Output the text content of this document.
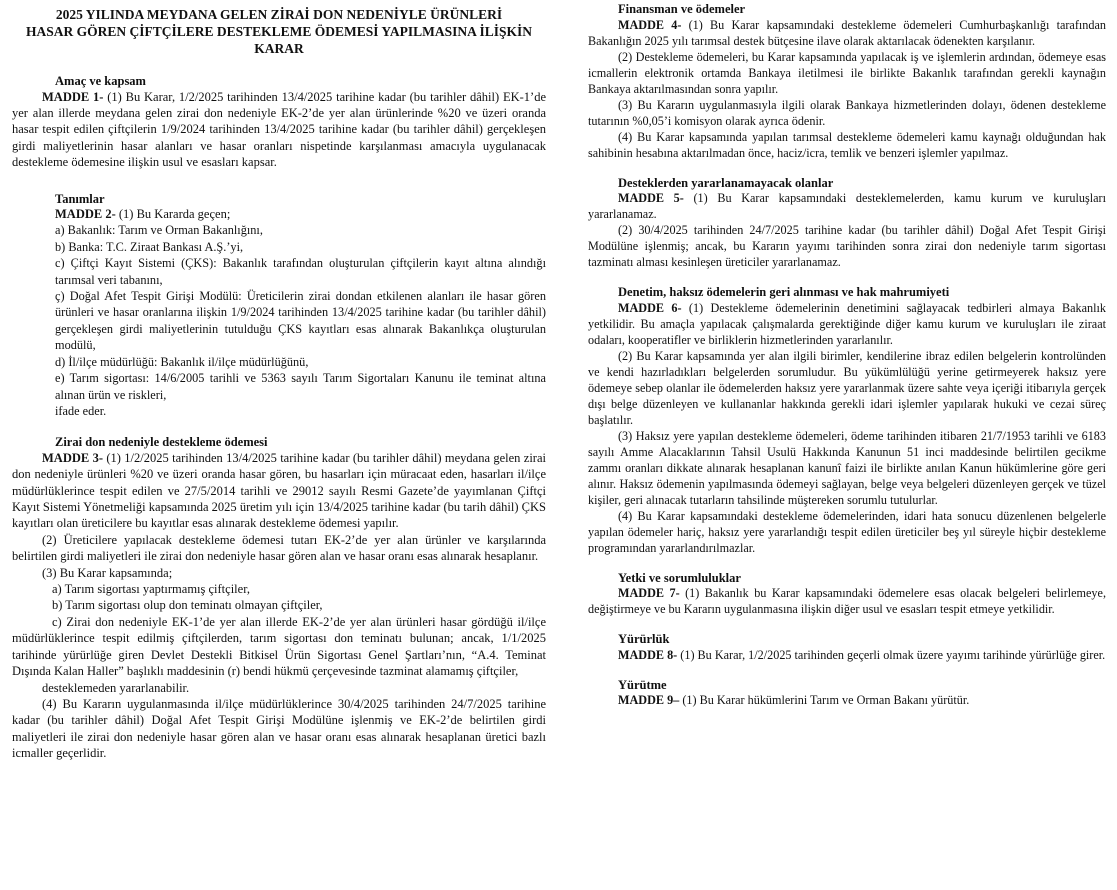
2025 YILINDA MEYDANA GELEN ZİRAİ DON NEDENİYLE ÜRÜNLERİ
HASAR GÖREN ÇİFTÇİLERE DESTEKLEME ÖDEMESİ YAPILMASINA İLİŞKİN
KARAR
Amaç ve kapsam

MADDE 1- (1) Bu Karar, 1/2/2025 tarihinden 13/4/2025 tarihine kadar (bu tarihler dâhil) EK-1’de yer alan illerde meydana gelen zirai don nedeniyle EK-2’de yer alan ürünlerinde %20 ve üzeri oranda hasar tespit edilen çiftçilerin 1/9/2024 tarihinden 13/4/2025 tarihine kadar (bu tarihler dâhil) gerçekleşen girdi maliyetlerinin hasar alanları ve hasar oranları nispetinde karşılanması amacıyla uygulanacak destekleme ödemesine ilişkin usul ve esasları kapsar.

Tanımlar

MADDE 2- (1) Bu Kararda geçen;

a) Bakanlık: Tarım ve Orman Bakanlığını,

b) Banka: T.C. Ziraat Bankası A.Ş.’yi,

c) Çiftçi Kayıt Sistemi (ÇKS): Bakanlık tarafından oluşturulan çiftçilerin kayıt altına alındığı tarımsal veri tabanını,

ç) Doğal Afet Tespit Girişi Modülü: Üreticilerin zirai dondan etkilenen alanları ile hasar gören ürünleri ve hasar oranlarına ilişkin 1/9/2024 tarihinden 13/4/2025 tarihine kadar (bu tarihler dâhil) gerçekleşen girdi maliyetlerinin tutulduğu ÇKS kayıtları esas alınarak Bakanlıkça oluşturulan modülü,

d) İl/ilçe müdürlüğü: Bakanlık il/ilçe müdürlüğünü,

e) Tarım sigortası: 14/6/2005 tarihli ve 5363 sayılı Tarım Sigortaları Kanunu ile teminat altına alınan ürün ve riskleri,

ifade eder.

Zirai don nedeniyle destekleme ödemesi

MADDE 3- (1) 1/2/2025 tarihinden 13/4/2025 tarihine kadar (bu tarihler dâhil) meydana gelen zirai don nedeniyle ürünleri %20 ve üzeri oranda hasar gören, bu hasarları için müracaat eden, hasarları il/ilçe müdürlüklerince tespit edilen ve 27/5/2014 tarihli ve 29012 sayılı Resmi Gazete’de yayımlanan Çiftçi Kayıt Sistemi Yönetmeliği kapsamında 2025 üretim yılı için 13/4/2025 tarihine kadar (bu tarih dâhil) ÇKS kayıtları olan üreticilere bu kayıtlar esas alınarak destekleme ödemesi yapılır.

(2) Üreticilere yapılacak destekleme ödemesi tutarı EK-2’de yer alan ürünler ve karşılarında belirtilen girdi maliyetleri ile zirai don nedeniyle hasar gören alan ve hasar oranı esas alınarak hesaplanır.

(3) Bu Karar kapsamında;

a) Tarım sigortası yaptırmamış çiftçiler,

b) Tarım sigortası olup don teminatı olmayan çiftçiler,

c) Zirai don nedeniyle EK-1’de yer alan illerde EK-2’de yer alan ürünleri hasar gördüğü il/ilçe müdürlüklerince tespit edilmiş çiftçilerden, tarım sigortası don teminatı bulunan; ancak, 1/1/2025 tarihinde yürürlüğe giren Devlet Destekli Bitkisel Ürün Sigortası Genel Şartları’nın, “A.4. Teminat Dışında Kalan Haller” başlıklı maddesinin (r) bendi hükmü çerçevesinde tazminat alamamış çiftçiler,

desteklemeden yararlanabilir.

(4) Bu Kararın uygulanmasında il/ilçe müdürlüklerince 30/4/2025 tarihinden 24/7/2025 tarihine kadar (bu tarihler dâhil) Doğal Afet Tespit Girişi Modülüne işlenmiş ve EK-2’de belirtilen girdi maliyetleri ile zirai don nedeniyle hasar gören alan ve hasar oranı esas alınarak hesaplanan üretici bazlı icmaller geçerlidir.

Finansman ve ödemeler

MADDE 4- (1) Bu Karar kapsamındaki destekleme ödemeleri Cumhurbaşkanlığı tarafından Bakanlığın 2025 yılı tarımsal destek bütçesine ilave olarak aktarılacak ödenekten karşılanır.

(2) Destekleme ödemeleri, bu Karar kapsamında yapılacak iş ve işlemlerin ardından, ödemeye esas icmallerin elektronik ortamda Bankaya iletilmesi ile birlikte Bakanlık tarafından gerekli kaynağın Bankaya aktarılmasından sonra yapılır.

(3) Bu Kararın uygulanmasıyla ilgili olarak Bankaya hizmetlerinden dolayı, ödenen destekleme tutarının %0,05’i komisyon olarak ayrıca ödenir.

(4) Bu Karar kapsamında yapılan tarımsal destekleme ödemeleri kamu kaynağı olduğundan hak sahibinin hesabına aktarılmadan önce, haciz/icra, temlik ve benzeri işlemler yapılmaz.

Desteklerden yararlanamayacak olanlar

MADDE 5- (1) Bu Karar kapsamındaki desteklemelerden, kamu kurum ve kuruluşları yararlanamaz.

(2) 30/4/2025 tarihinden 24/7/2025 tarihine kadar (bu tarihler dâhil) Doğal Afet Tespit Girişi Modülüne işlenmiş; ancak, bu Kararın yayımı tarihinden sonra zirai don nedeniyle tarım sigortası tazminatı alması kesinleşen üreticiler yararlanamaz.

Denetim, haksız ödemelerin geri alınması ve hak mahrumiyeti

MADDE 6- (1) Destekleme ödemelerinin denetimini sağlayacak tedbirleri almaya Bakanlık yetkilidir. Bu amaçla yapılacak çalışmalarda gerektiğinde diğer kamu kurum ve kuruluşları ile ziraat odaları, kooperatifler ve birliklerin hizmetlerinden yararlanılır.

(2) Bu Karar kapsamında yer alan ilgili birimler, kendilerine ibraz edilen belgelerin kontrolünden ve kendi hazırladıkları belgelerden sorumludur. Bu yükümlülüğü yerine getirmeyerek haksız yere ödemeye sebep olanlar ile ödemelerden haksız yere yararlanmak üzere sahte veya içeriği itibarıyla gerçek dışı belge düzenleyen ve kullananlar hakkında gerekli idari işlemler yapılarak hukuki ve cezai süreç başlatılır.

(3) Haksız yere yapılan destekleme ödemeleri, ödeme tarihinden itibaren 21/7/1953 tarihli ve 6183 sayılı Amme Alacaklarının Tahsil Usulü Hakkında Kanunun 51 inci maddesinde belirtilen gecikme zammı oranları dikkate alınarak hesaplanan kanunî faizi ile birlikte anılan Kanun hükümlerine göre geri alınır. Haksız ödemenin yapılmasında ödemeyi sağlayan, belge veya belgeleri düzenleyen gerçek ve tüzel kişiler, geri alınacak tutarların tahsilinde müştereken sorumlu tutulurlar.

(4) Bu Karar kapsamındaki destekleme ödemelerinden, idari hata sonucu düzenlenen belgelerle yapılan ödemeler hariç, haksız yere yararlandığı tespit edilen üreticiler beş yıl süreyle hiçbir destekleme programından yararlandırılmazlar.

Yetki ve sorumluluklar

MADDE 7- (1) Bakanlık bu Karar kapsamındaki ödemelere esas olacak belgeleri belirlemeye, değiştirmeye ve bu Kararın uygulanmasına ilişkin diğer usul ve esasları tespit etmeye yetkilidir.

Yürürlük

MADDE 8- (1) Bu Karar, 1/2/2025 tarihinden geçerli olmak üzere yayımı tarihinde yürürlüğe girer.

Yürütme

MADDE 9– (1) Bu Karar hükümlerini Tarım ve Orman Bakanı yürütür.
